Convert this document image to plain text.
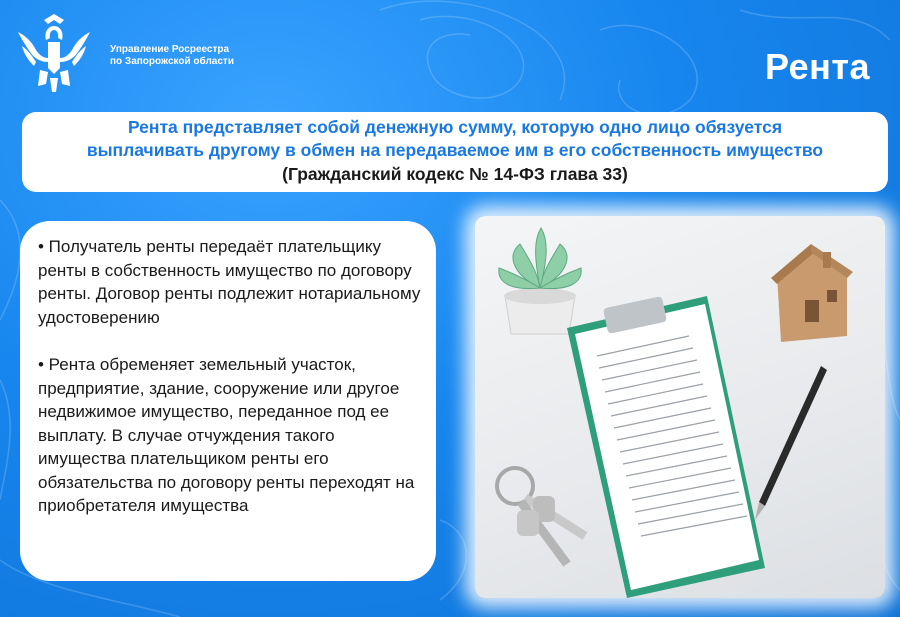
Управление Росреестра
по Запорожской области	Рента
Рента представляет собой денежную сумму, которую одно лицо обязуется
выплачивать другому в обмен на передаваемое им в его собственность имущество
(Гражданский кодекс № 14-ФЗ глава 33)
• Получатель ренты передаёт плательщику ренты в собственность имущество по договору ренты. Договор ренты подлежит нотариальному удостоверению
• Рента обременяет земельный участок, предприятие, здание, сооружение или другое недвижимое имущество, переданное под ее выплату. В случае отчуждения такого имущества плательщиком ренты его обязательства по договору ренты переходят на приобретателя имущества
